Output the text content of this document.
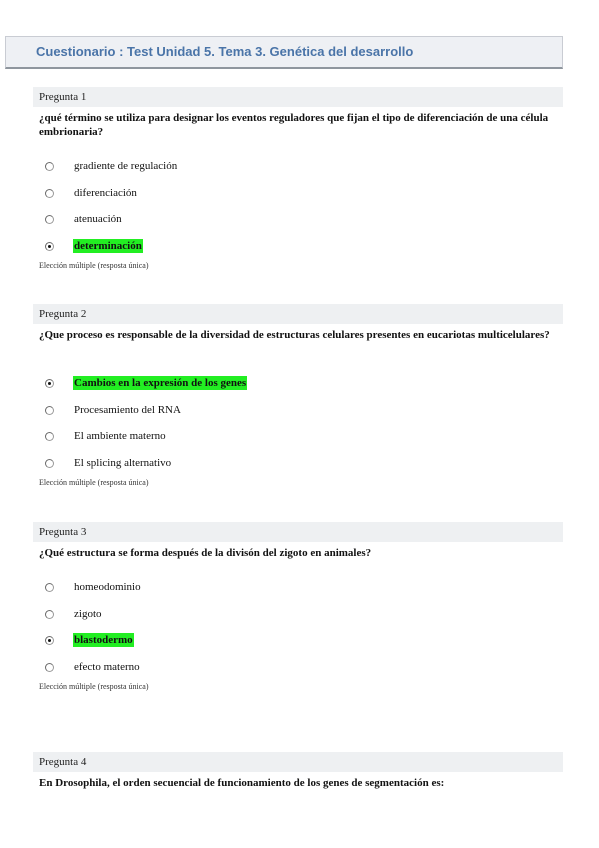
Cuestionario : Test Unidad 5. Tema 3. Genética del desarrollo
Pregunta 1
¿qué término se utiliza para designar los eventos reguladores que fijan el tipo de diferenciación de una célula embrionaria?
gradiente de regulación
diferenciación
atenuación
determinación
Elección múltiple (resposta única)
Pregunta 2
¿Que proceso es responsable de la diversidad de estructuras celulares presentes en eucariotas multicelulares?
Cambios en la expresión de los genes
Procesamiento del RNA
El ambiente materno
El splicing alternativo
Elección múltiple (resposta única)
Pregunta 3
¿Qué estructura se forma después de la divisón del zigoto en animales?
homeodominio
zigoto
blastodermo
efecto materno
Elección múltiple (resposta única)
Pregunta 4
En Drosophila, el orden secuencial de funcionamiento de los genes de segmentación es:
